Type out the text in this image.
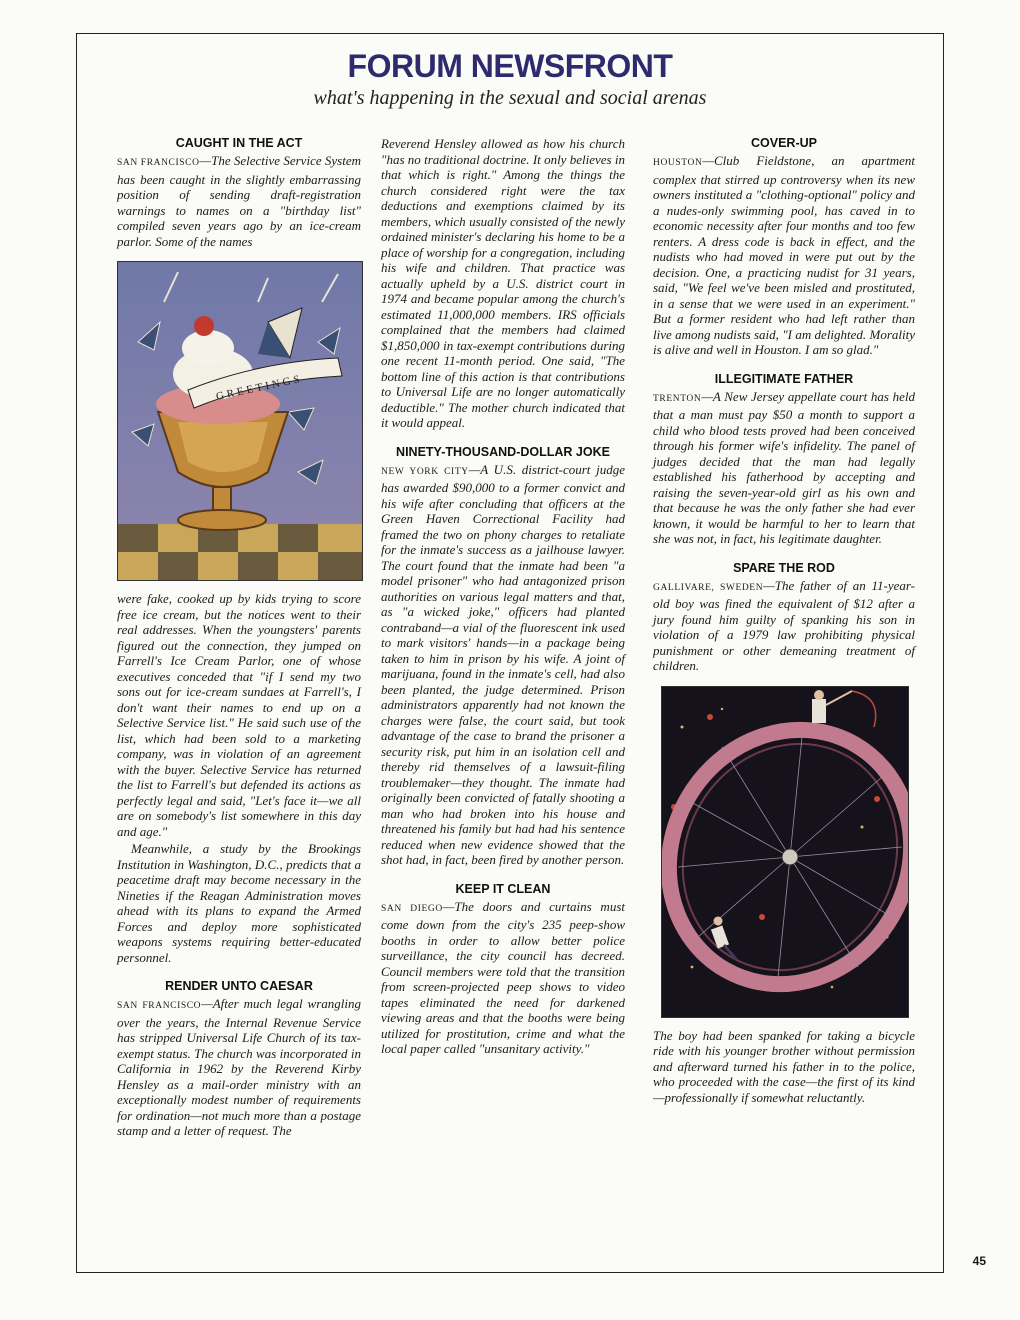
FORUM NEWSFRONT
what's happening in the sexual and social arenas
CAUGHT IN THE ACT

SAN FRANCISCO—The Selective Service System has been caught in the slightly embarrassing position of sending draft-registration warnings to names on a "birthday list" compiled seven years ago by an ice-cream parlor. Some of the names

GREETINGS

were fake, cooked up by kids trying to score free ice cream, but the notices went to their real addresses. When the youngsters' parents figured out the connection, they jumped on Farrell's Ice Cream Parlor, one of whose executives conceded that "if I send my two sons out for ice-cream sundaes at Farrell's, I don't want their names to end up on a Selective Service list." He said such use of the list, which had been sold to a marketing company, was in violation of an agreement with the buyer. Selective Service has returned the list to Farrell's but defended its actions as perfectly legal and said, "Let's face it—we all are on somebody's list somewhere in this day and age."

Meanwhile, a study by the Brookings Institution in Washington, D.C., predicts that a peacetime draft may become necessary in the Nineties if the Reagan Administration moves ahead with its plans to expand the Armed Forces and deploy more sophisticated weapons systems requiring better-educated personnel.

RENDER UNTO CAESAR

SAN FRANCISCO—After much legal wrangling over the years, the Internal Revenue Service has stripped Universal Life Church of its tax-exempt status. The church was incorporated in California in 1962 by the Reverend Kirby Hensley as a mail-order ministry with an exceptionally modest number of requirements for ordination—not much more than a postage stamp and a letter of request. The

Reverend Hensley allowed as how his church "has no traditional doctrine. It only believes in that which is right." Among the things the church considered right were the tax deductions and exemptions claimed by its members, which usually consisted of the newly ordained minister's declaring his home to be a place of worship for a congregation, including his wife and children. That practice was actually upheld by a U.S. district court in 1974 and became popular among the church's estimated 11,000,000 members. IRS officials complained that the members had claimed $1,850,000 in tax-exempt contributions during one recent 11-month period. One said, "The bottom line of this action is that contributions to Universal Life are no longer automatically deductible." The mother church indicated that it would appeal.

NINETY-THOUSAND-DOLLAR JOKE

NEW YORK CITY—A U.S. district-court judge has awarded $90,000 to a former convict and his wife after concluding that officers at the Green Haven Correctional Facility had framed the two on phony charges to retaliate for the inmate's success as a jailhouse lawyer. The court found that the inmate had been "a model prisoner" who had antagonized prison authorities on various legal matters and that, as "a wicked joke," officers had planted contraband—a vial of the fluorescent ink used to mark visitors' hands—in a package being taken to him in prison by his wife. A joint of marijuana, found in the inmate's cell, had also been planted, the judge determined. Prison administrators apparently had not known the charges were false, the court said, but took advantage of the case to brand the prisoner a security risk, put him in an isolation cell and thereby rid themselves of a lawsuit-filing troublemaker—they thought. The inmate had originally been convicted of fatally shooting a man who had broken into his house and threatened his family but had had his sentence reduced when new evidence showed that the shot had, in fact, been fired by another person.

KEEP IT CLEAN

SAN DIEGO—The doors and curtains must come down from the city's 235 peep-show booths in order to allow better police surveillance, the city council has decreed. Council members were told that the transition from screen-projected peep shows to video tapes eliminated the need for darkened viewing areas and that the booths were being utilized for prostitution, crime and what the local paper called "unsanitary activity."

COVER-UP

HOUSTON—Club Fieldstone, an apartment complex that stirred up controversy when its new owners instituted a "clothing-optional" policy and a nudes-only swimming pool, has caved in to economic necessity after four months and too few renters. A dress code is back in effect, and the nudists who had moved in were put out by the decision. One, a practicing nudist for 31 years, said, "We feel we've been misled and prostituted, in a sense that we were used in an experiment." But a former resident who had left rather than live among nudists said, "I am delighted. Morality is alive and well in Houston. I am so glad."

ILLEGITIMATE FATHER

TRENTON—A New Jersey appellate court has held that a man must pay $50 a month to support a child who blood tests proved had been conceived through his former wife's infidelity. The panel of judges decided that the man had legally established his fatherhood by accepting and raising the seven-year-old girl as his own and that because he was the only father she had ever known, it would be harmful to her to learn that she was not, in fact, his legitimate daughter.

SPARE THE ROD

GALLIVARE, SWEDEN—The father of an 11-year-old boy was fined the equivalent of $12 after a jury found him guilty of spanking his son in violation of a 1979 law prohibiting physical punishment or other demeaning treatment of children.

The boy had been spanked for taking a bicycle ride with his younger brother without permission and afterward turned his father in to the police, who proceeded with the case—the first of its kind—professionally if somewhat reluctantly.

45
